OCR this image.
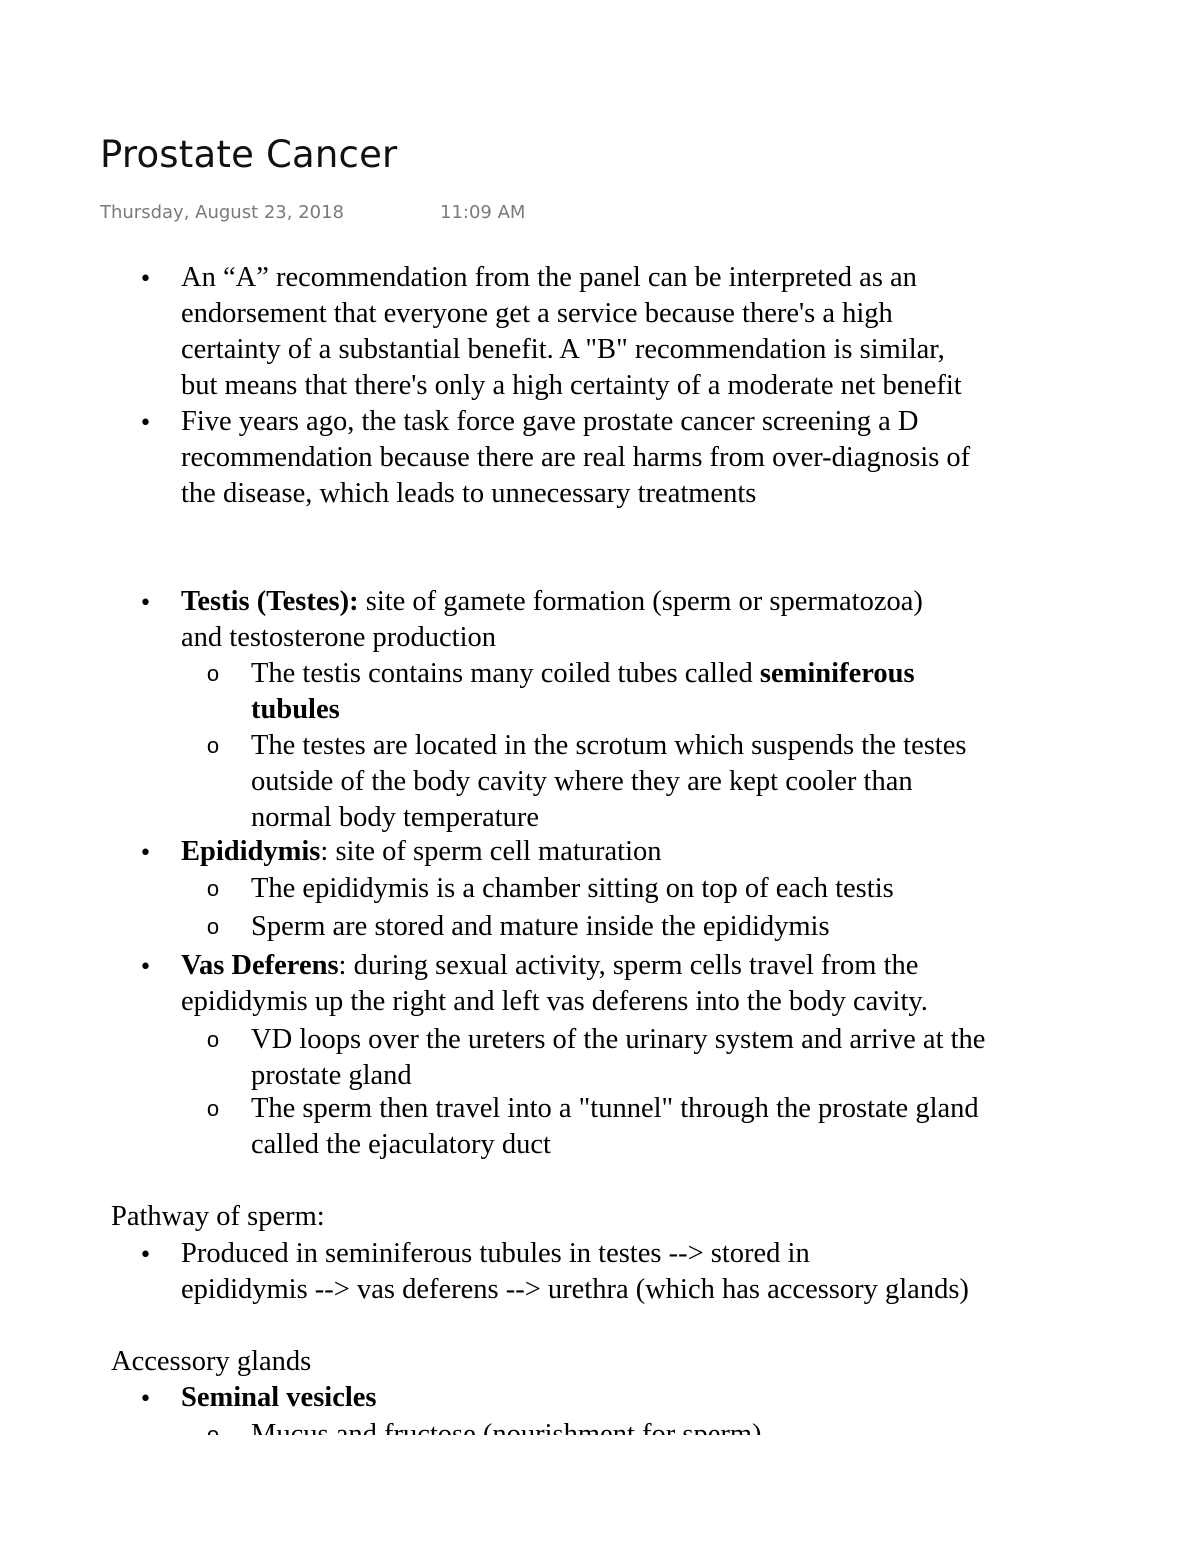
Prostate Cancer
Thursday, August 23, 2018	11:09 AM
•
An “A” recommendation from the panel can be interpreted as an
endorsement that everyone get a service because there's a high
certainty of a substantial benefit. A "B" recommendation is similar,
but means that there's only a high certainty of a moderate net benefit
•
Five years ago, the task force gave prostate cancer screening a D
recommendation because there are real harms from over-diagnosis of
the disease, which leads to unnecessary treatments
•
Testis (Testes): site of gamete formation (sperm or spermatozoa)
and testosterone production
o The testis contains many coiled tubes called seminiferous
tubules
o The testes are located in the scrotum which suspends the testes
outside of the body cavity where they are kept cooler than
normal body temperature
•
Epididymis: site of sperm cell maturation
o The epididymis is a chamber sitting on top of each testis
o Sperm are stored and mature inside the epididymis
•
Vas Deferens: during sexual activity, sperm cells travel from the
epididymis up the right and left vas deferens into the body cavity.
o VD loops over the ureters of the urinary system and arrive at the
prostate gland
o The sperm then travel into a "tunnel" through the prostate gland
called the ejaculatory duct
Pathway of sperm:
•
Produced in seminiferous tubules in testes --> stored in
epididymis --> vas deferens --> urethra (which has accessory glands)
Accessory glands
•
Seminal vesicles
